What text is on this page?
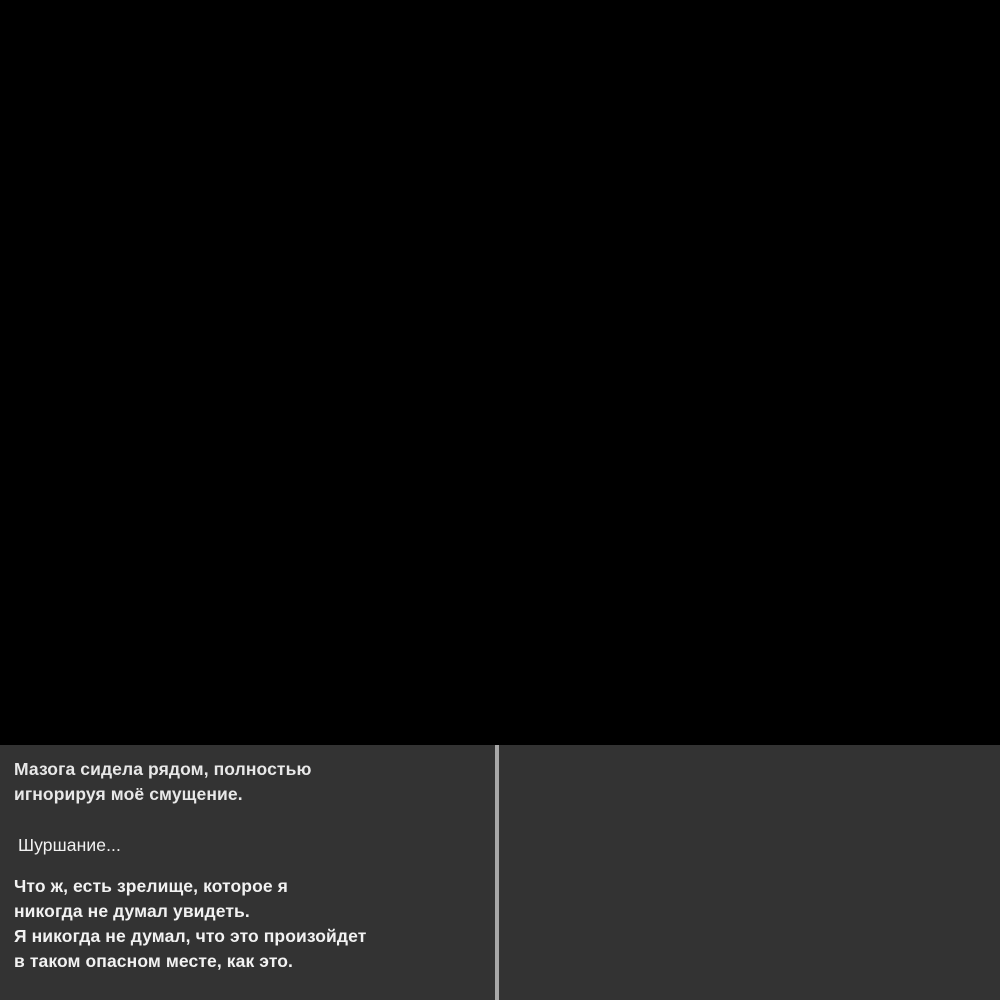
Мазога сидела рядом, полностью
игнорируя моё смущение.

Шуршание...

Что ж, есть зрелище, которое я
никогда не думал увидеть.
Я никогда не думал, что это произойдет
в таком опасном месте, как это.
